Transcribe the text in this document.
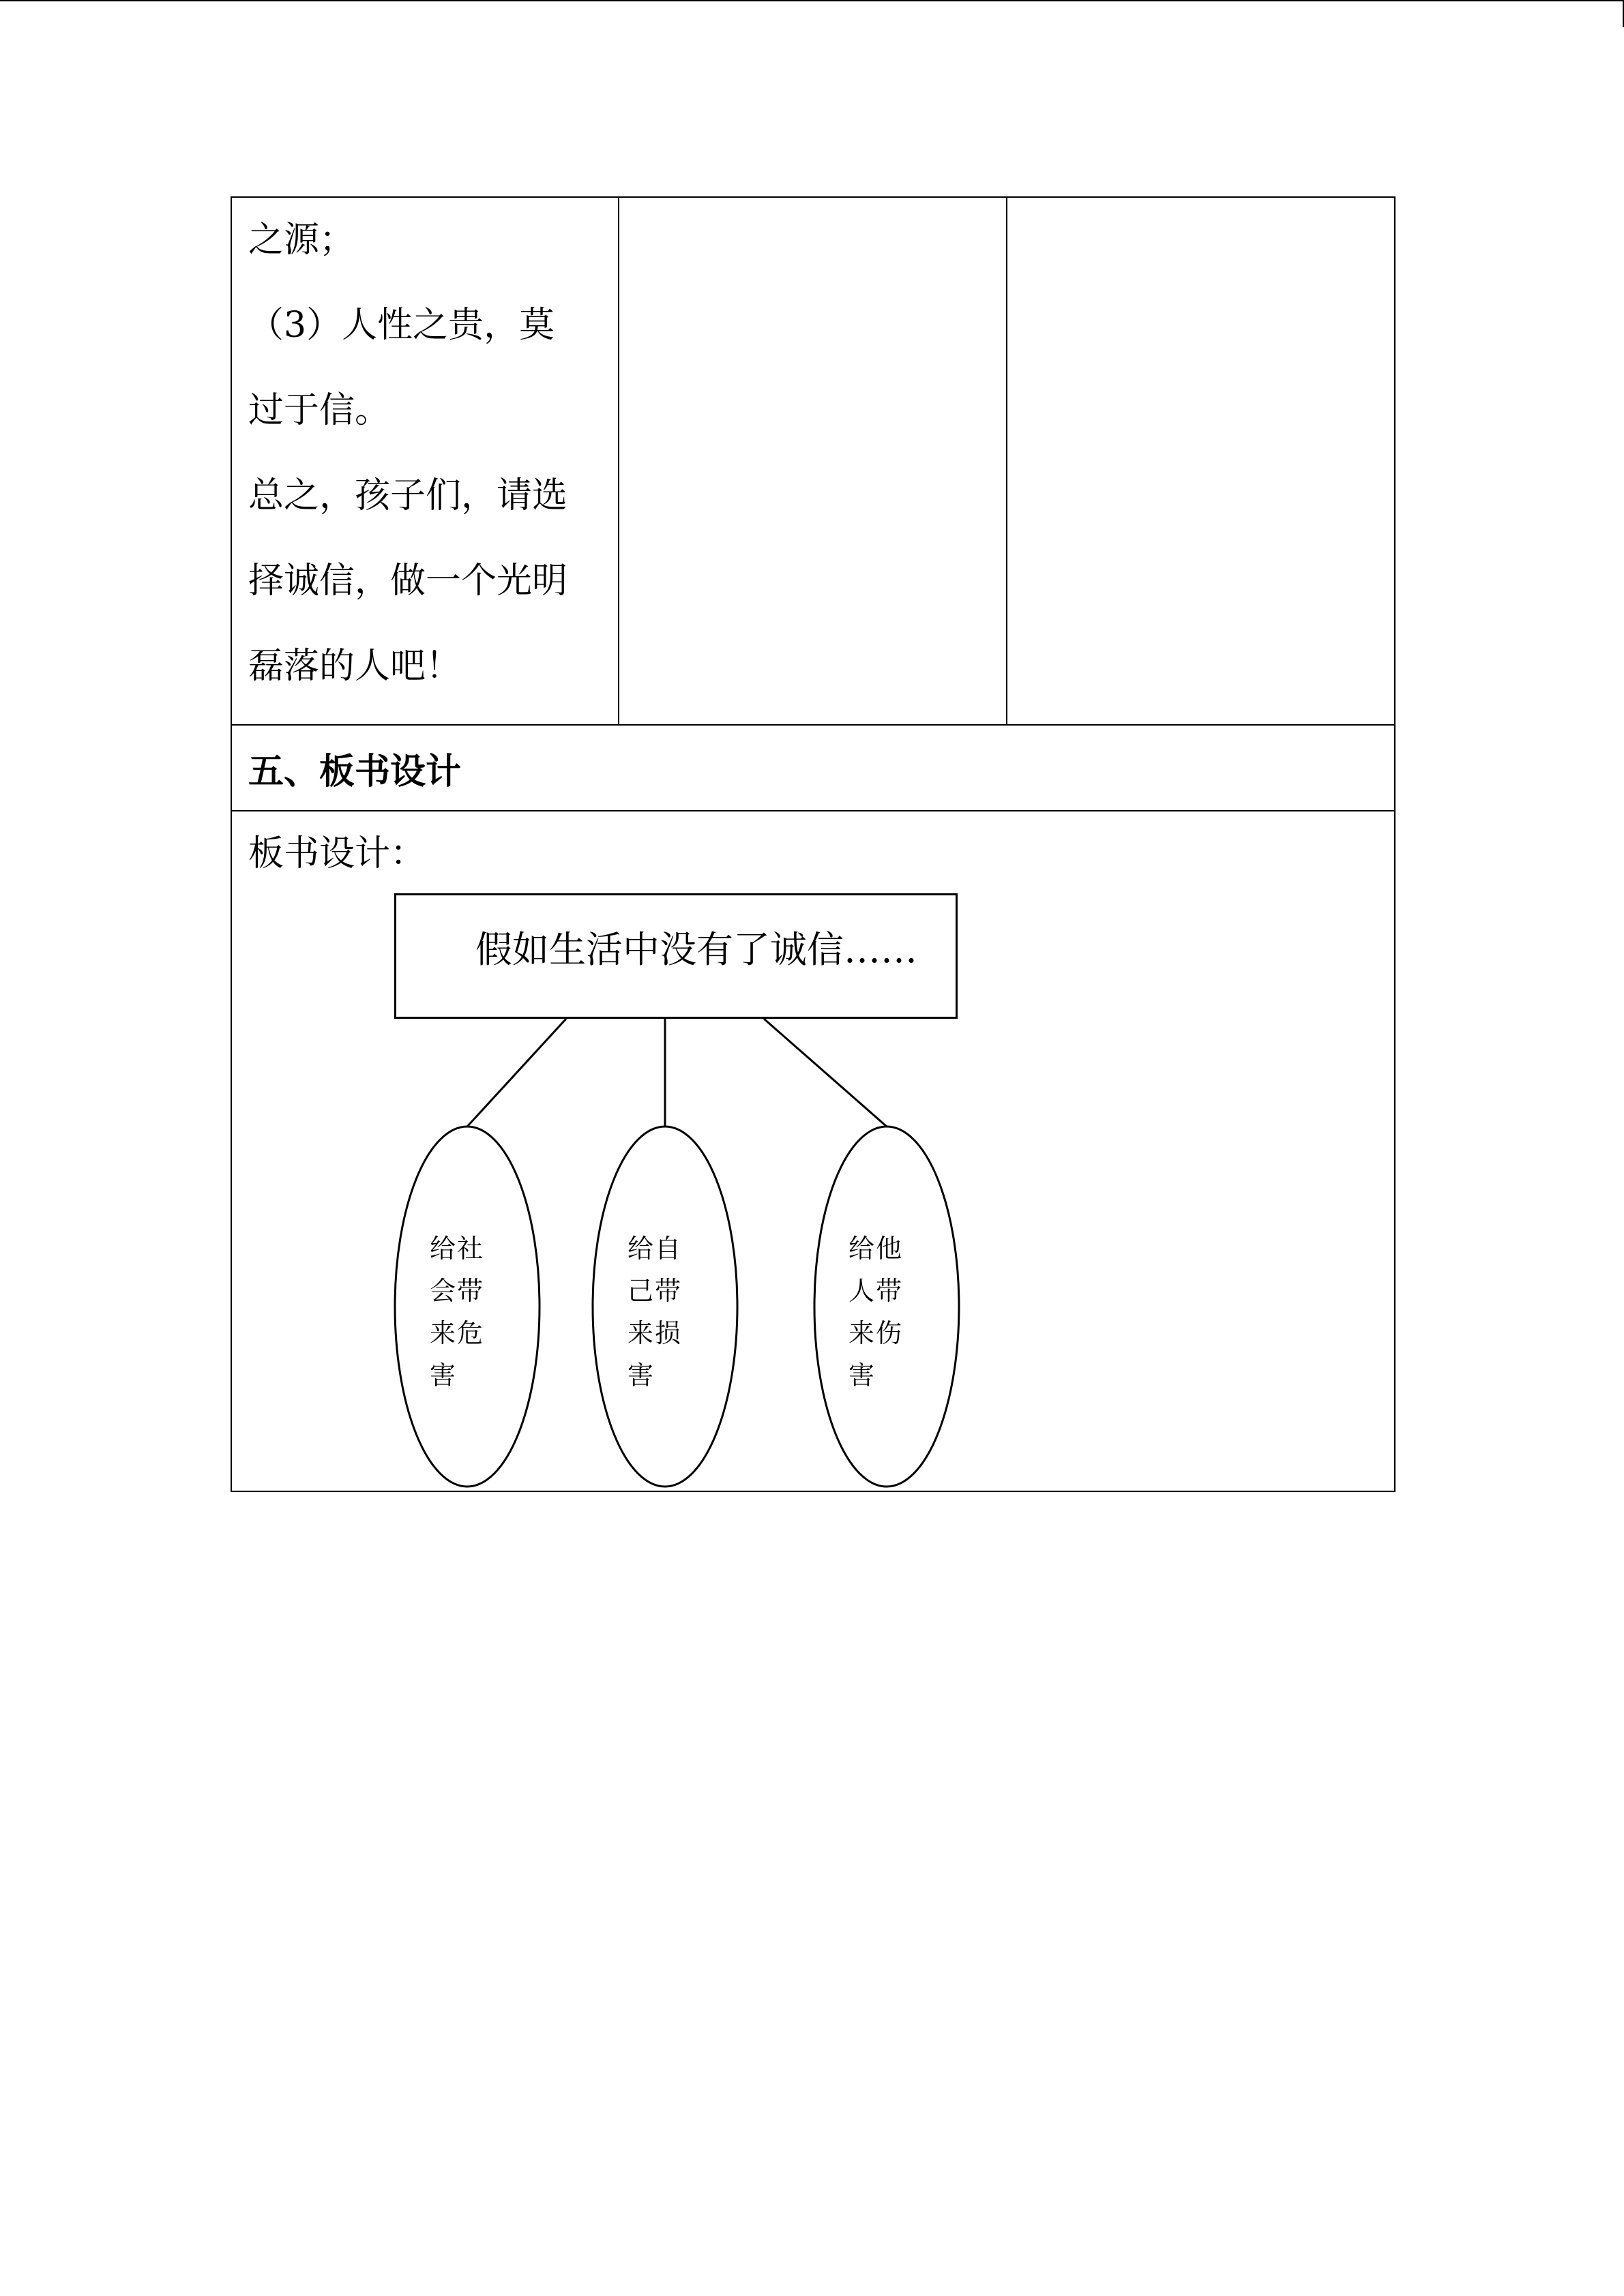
之源；
（3）人性之贵，莫
过于信。
总之，孩子们，请选
择诚信，做一个光明
磊落的人吧！

五、板书设计

板书设计：
假如生活中没有了诚信……
给社会带来危害
给自己带来损害
给他人带来伤害
